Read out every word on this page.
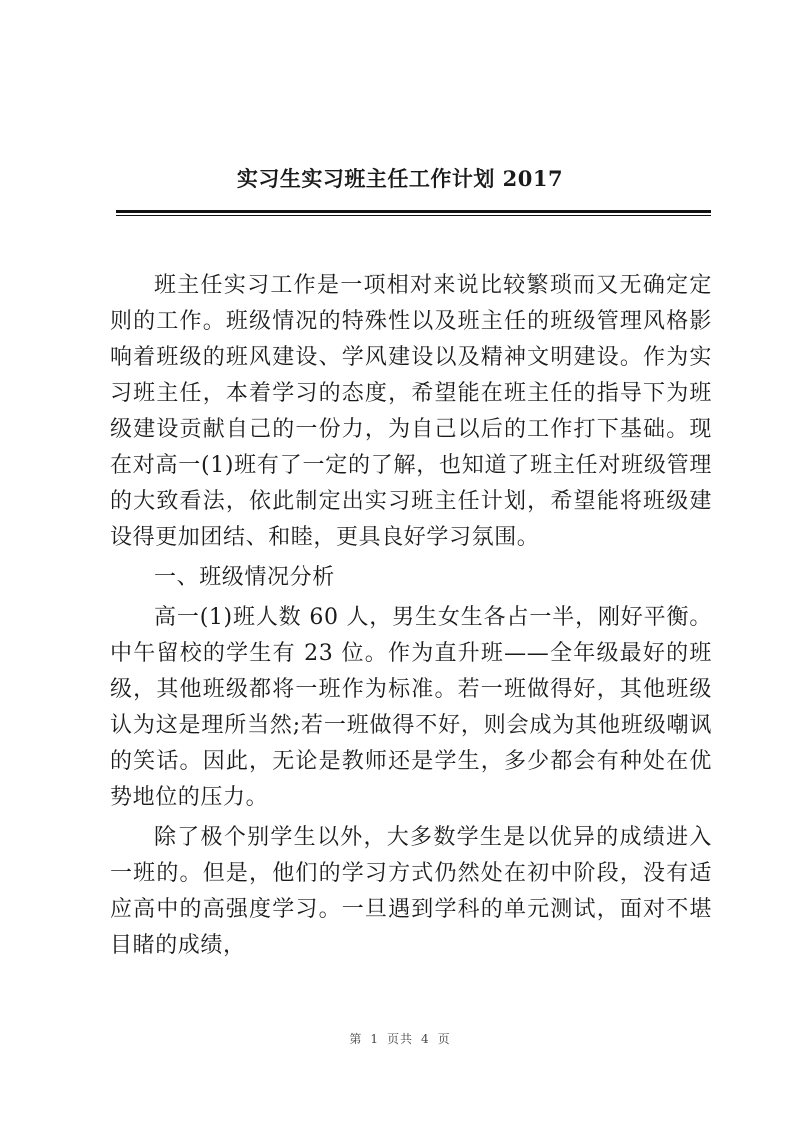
实习生实习班主任工作计划 2017

班主任实习工作是一项相对来说比较繁琐而又无确定定则的工作。班级情况的特殊性以及班主任的班级管理风格影响着班级的班风建设、学风建设以及精神文明建设。作为实习班主任，本着学习的态度，希望能在班主任的指导下为班级建设贡献自己的一份力，为自己以后的工作打下基础。现在对高一(1)班有了一定的了解，也知道了班主任对班级管理的大致看法，依此制定出实习班主任计划，希望能将班级建设得更加团结、和睦，更具良好学习氛围。

一、班级情况分析

高一(1)班人数 60 人，男生女生各占一半，刚好平衡。中午留校的学生有 23 位。作为直升班——全年级最好的班级，其他班级都将一班作为标准。若一班做得好，其他班级认为这是理所当然;若一班做得不好，则会成为其他班级嘲讽的笑话。因此，无论是教师还是学生，多少都会有种处在优势地位的压力。

除了极个别学生以外，大多数学生是以优异的成绩进入一班的。但是，他们的学习方式仍然处在初中阶段，没有适应高中的高强度学习。一旦遇到学科的单元测试，面对不堪目睹的成绩，

第 1 页共 4 页
